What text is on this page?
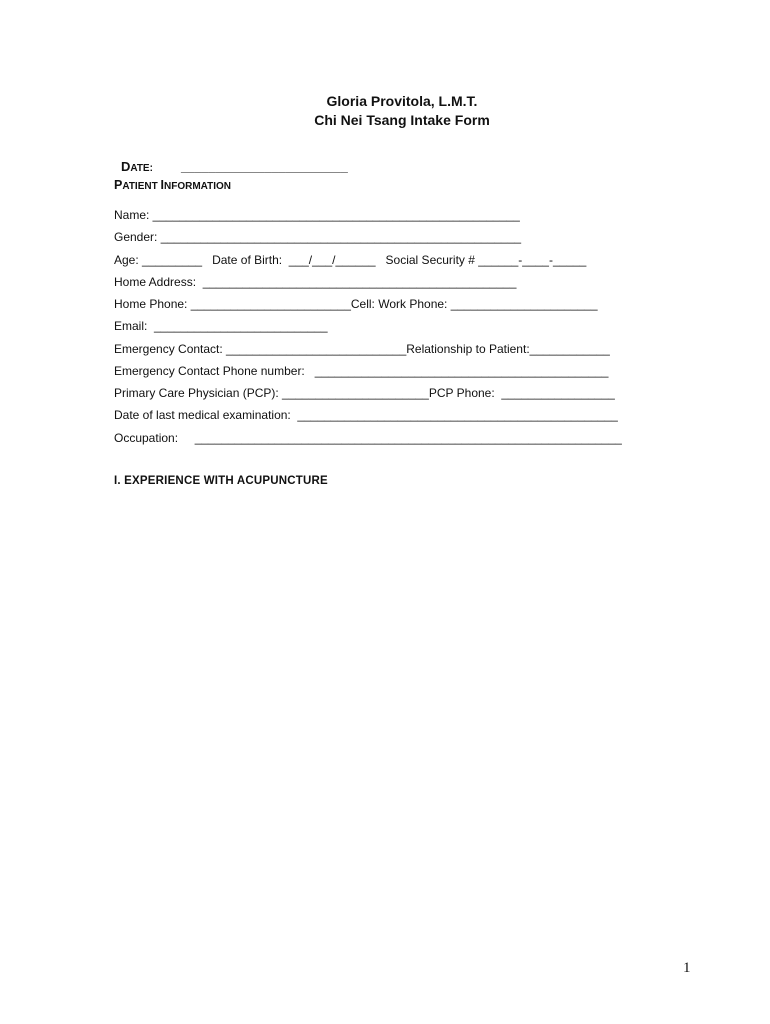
Gloria Provitola, L.M.T.
Chi Nei Tsang Intake Form

DATE: ________________________

PATIENT INFORMATION
Name: _______________________________________________________
Gender: ______________________________________________________
Age: _________   Date of Birth:  ___/___/______   Social Security # ______-____-_____
Home Address:  _______________________________________________
Home Phone: ________________________Cell: Work Phone: ______________________
Email:  __________________________
Emergency Contact: ___________________________Relationship to Patient:____________
Emergency Contact Phone number:   ____________________________________________
Primary Care Physician (PCP): ______________________PCP Phone:  _________________
Date of last medical examination:  ________________________________________________
Occupation:     ________________________________________________________________
I. EXPERIENCE WITH ACUPUNCTURE
1
